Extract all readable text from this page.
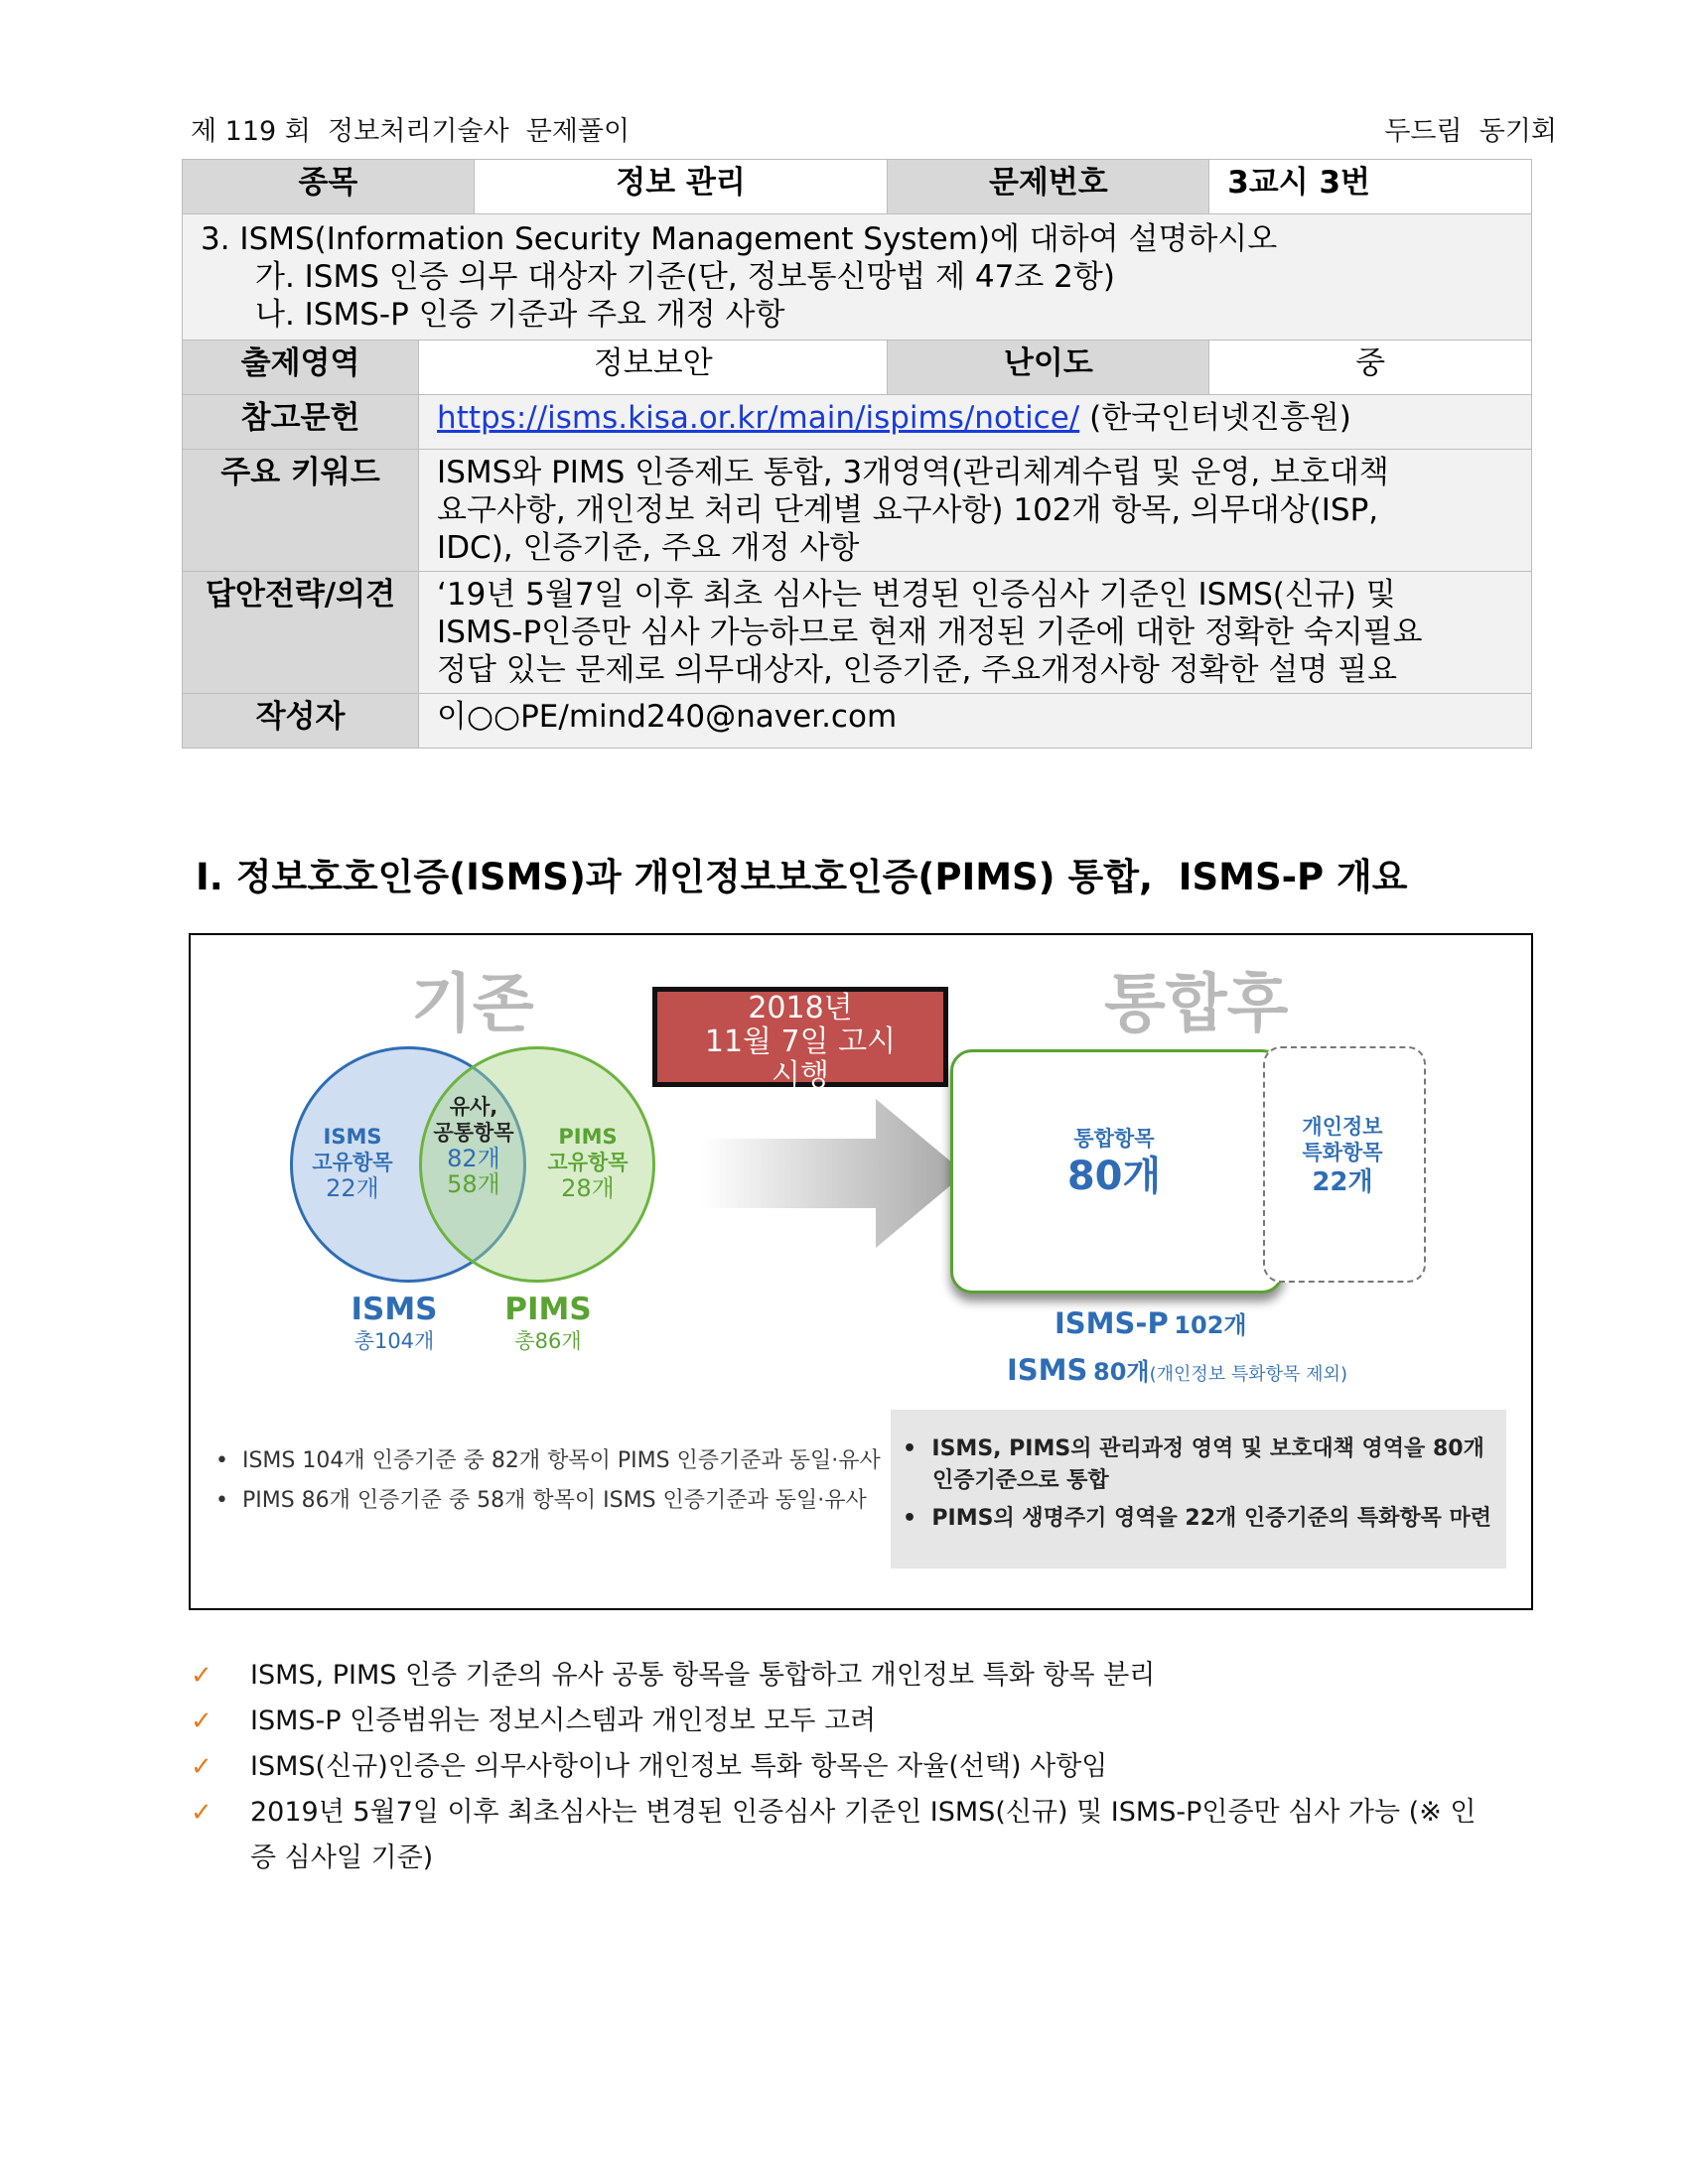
제 119 회  정보처리기술사  문제풀이	두드림  동기회
종목		정보 관리	문제번호	3교시 3번

3. ISMS(Information Security Management System)에 대하여 설명하시오
가. ISMS 인증 의무 대상자 기준(단, 정보통신망법 제 47조 2항)
나. ISMS-P 인증 기준과 주요 개정 사항				

출제영역	정보보안		난이도	중
참고문헌	https://isms.kisa.or.kr/main/ispims/notice/ (한국인터넷진흥원)			
주요 키워드	ISMS와 PIMS 인증제도 통합, 3개영역(관리체계수립 및 운영, 보호대책
요구사항, 개인정보 처리 단계별 요구사항) 102개 항목, 의무대상(ISP,
IDC), 인증기준, 주요 개정 사항			

답안전략/의견	‘19년 5월7일 이후 최초 심사는 변경된 인증심사 기준인 ISMS(신규) 및
ISMS-P인증만 심사 가능하므로 현재 개정된 기준에 대한 정확한 숙지필요
정답 있는 문제로 의무대상자, 인증기준, 주요개정사항 정확한 설명 필요			

작성자	이○○PE/mind240@naver.com			
I. 정보호호인증(ISMS)과 개인정보보호인증(PIMS) 통합,  ISMS-P 개요
기존	통합후
2018년
11월 7일 고시
시행
ISMS
고유항목
22개
유사,
공통항목
82개
58개
PIMS
고유항목
28개
ISMS
총104개
PIMS
총86개
통합항목
80개
개인정보
특화항목
22개
ISMS-P 102개
ISMS 80개(개인정보 특화항목 제외)
•  ISMS 104개 인증기준 중 82개 항목이 PIMS 인증기준과 동일·유사
•  PIMS 86개 인증기준 중 58개 항목이 ISMS 인증기준과 동일·유사
•  ISMS, PIMS의 관리과정 영역 및 보호대책 영역을 80개
인증기준으로 통합
•  PIMS의 생명주기 영역을 22개 인증기준의 특화항목 마련
✓ ISMS, PIMS 인증 기준의 유사 공통 항목을 통합하고 개인정보 특화 항목 분리
✓ ISMS-P 인증범위는 정보시스템과 개인정보 모두 고려
✓ ISMS(신규)인증은 의무사항이나 개인정보 특화 항목은 자율(선택) 사항임
✓ 2019년 5월7일 이후 최초심사는 변경된 인증심사 기준인 ISMS(신규) 및 ISMS-P인증만 심사 가능 (※ 인증 심사일 기준)
